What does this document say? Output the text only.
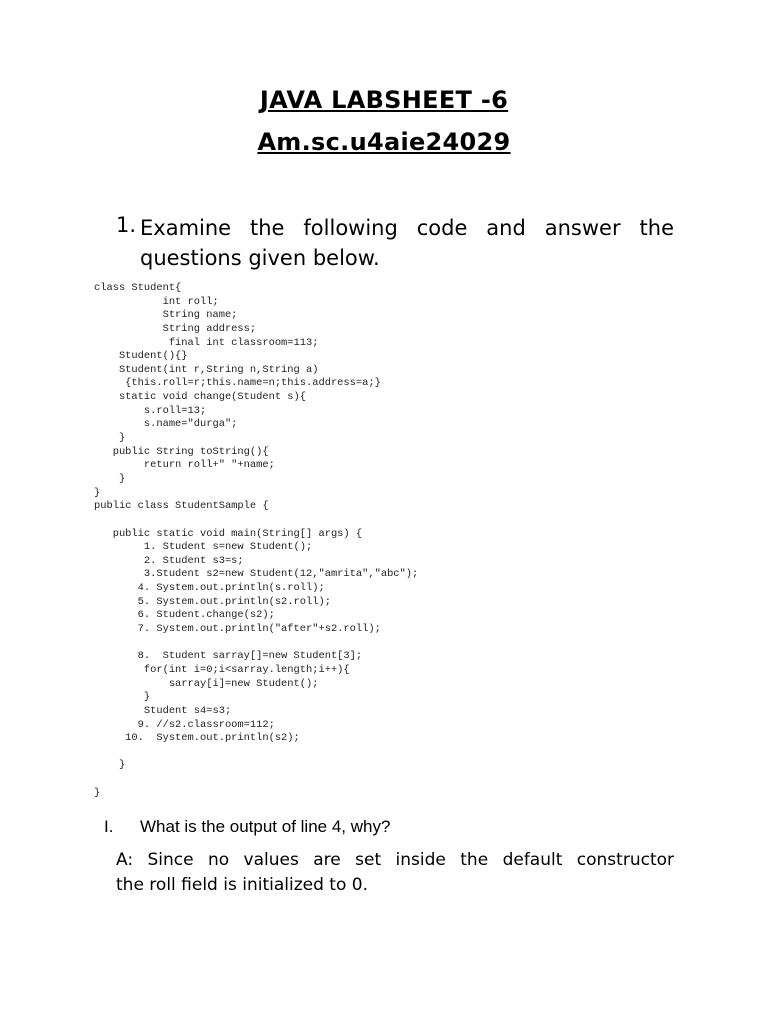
JAVA LABSHEET -6
Am.sc.u4aie24029
1. Examine the following code and answer the
questions given below.
class Student{
int roll;
String name;
String address;
final int classroom=113;
Student(){}
Student(int r,String n,String a)
{this.roll=r;this.name=n;this.address=a;}
static void change(Student s){
s.roll=13;
s.name="durga";
}
public String toString(){
return roll+" "+name;
}
}
public class StudentSample {
public static void main(String[] args) {
1. Student s=new Student();
2. Student s3=s;
3.Student s2=new Student(12,"amrita","abc");
4. System.out.println(s.roll);
5. System.out.println(s2.roll);
6. Student.change(s2);
7. System.out.println("after"+s2.roll);
8.  Student sarray[]=new Student[3];
for(int i=0;i<sarray.length;i++){
sarray[i]=new Student();
}
Student s4=s3;
9. //s2.classroom=112;
10.  System.out.println(s2);
}
}
I. What is the output of line 4, why?
A: Since no values are set inside the default constructor
the roll field is initialized to 0.
